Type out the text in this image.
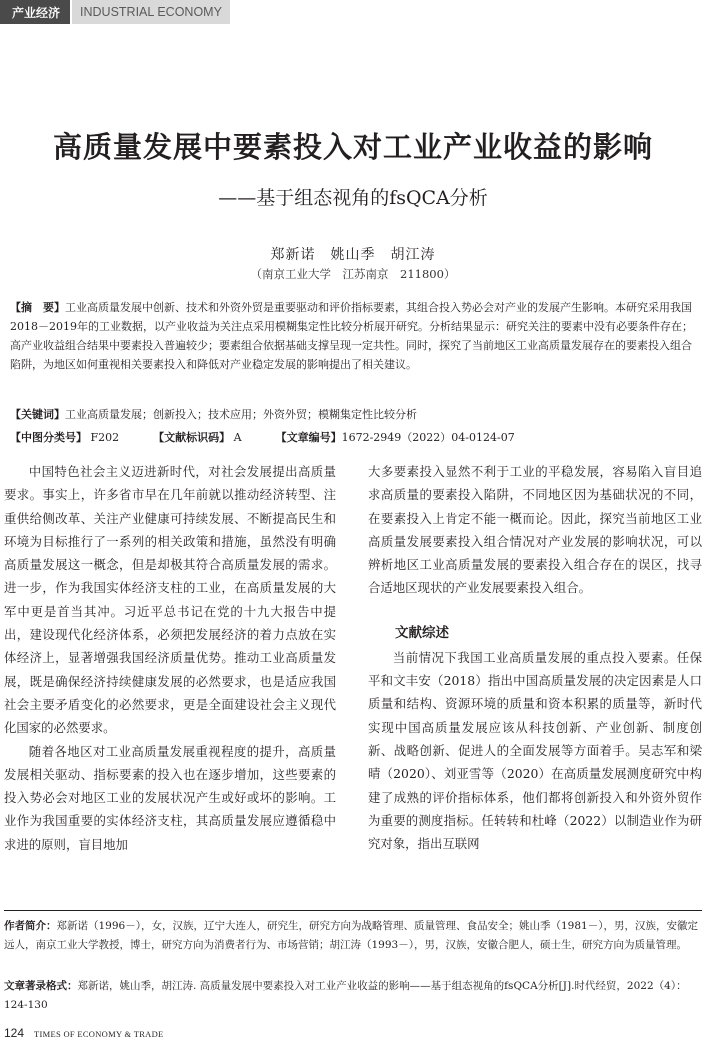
产业经济	INDUSTRIAL ECONOMY
高质量发展中要素投入对工业产业收益的影响
——基于组态视角的fsQCA分析
郑新诺　姚山季　胡江涛
（南京工业大学　江苏南京　211800）
【摘　要】工业高质量发展中创新、技术和外资外贸是重要驱动和评价指标要素，其组合投入势必会对产业的发展产生影响。本研究采用我国2018－2019年的工业数据，以产业收益为关注点采用模糊集定性比较分析展开研究。分析结果显示：研究关注的要素中没有必要条件存在；高产业收益组合结果中要素投入普遍较少；要素组合依据基础支撑呈现一定共性。同时，探究了当前地区工业高质量发展存在的要素投入组合陷阱，为地区如何重视相关要素投入和降低对产业稳定发展的影响提出了相关建议。
【关键词】工业高质量发展；创新投入；技术应用；外资外贸；模糊集定性比较分析
【中图分类号】 F202	【文献标识码】 A	【文章编号】1672-2949（2022）04-0124-07

中国特色社会主义迈进新时代，对社会发展提出高质量要求。事实上，许多省市早在几年前就以推动经济转型、注重供给侧改革、关注产业健康可持续发展、不断提高民生和环境为目标推行了一系列的相关政策和措施，虽然没有明确高质量发展这一概念，但是却极其符合高质量发展的需求。进一步，作为我国实体经济支柱的工业，在高质量发展的大军中更是首当其冲。习近平总书记在党的十九大报告中提出，建设现代化经济体系，必须把发展经济的着力点放在实体经济上，显著增强我国经济质量优势。推动工业高质量发展，既是确保经济持续健康发展的必然要求，也是适应我国社会主要矛盾变化的必然要求，更是全面建设社会主义现代化国家的必然要求。

随着各地区对工业高质量发展重视程度的提升，高质量发展相关驱动、指标要素的投入也在逐步增加，这些要素的投入势必会对地区工业的发展状况产生或好或坏的影响。工业作为我国重要的实体经济支柱，其高质量发展应遵循稳中求进的原则，盲目地加

大多要素投入显然不利于工业的平稳发展，容易陷入盲目追求高质量的要素投入陷阱，不同地区因为基础状况的不同，在要素投入上肯定不能一概而论。因此，探究当前地区工业高质量发展要素投入组合情况对产业发展的影响状况，可以辨析地区工业高质量发展的要素投入组合存在的误区，找寻合适地区现状的产业发展要素投入组合。

文献综述

当前情况下我国工业高质量发展的重点投入要素。任保平和文丰安（2018）指出中国高质量发展的决定因素是人口质量和结构、资源环境的质量和资本积累的质量等，新时代实现中国高质量发展应该从科技创新、产业创新、制度创新、战略创新、促进人的全面发展等方面着手。吴志军和梁晴（2020）、刘亚雪等（2020）在高质量发展测度研究中构建了成熟的评价指标体系，他们都将创新投入和外资外贸作为重要的测度指标。任转转和杜峰（2022）以制造业作为研究对象，指出互联网

作者简介：郑新诺（1996－），女，汉族，辽宁大连人，研究生，研究方向为战略管理、质量管理、食品安全；姚山季（1981－），男，汉族，安徽定远人，南京工业大学教授，博士，研究方向为消费者行为、市场营销；胡江涛（1993－），男，汉族，安徽合肥人，硕士生，研究方向为质量管理。
文章著录格式：郑新诺，姚山季，胡江涛. 高质量发展中要素投入对工业产业收益的影响——基于组态视角的fsQCA分析[J].时代经贸，2022（4）：124-130
124 TIMES OF ECONOMY & TRADE
